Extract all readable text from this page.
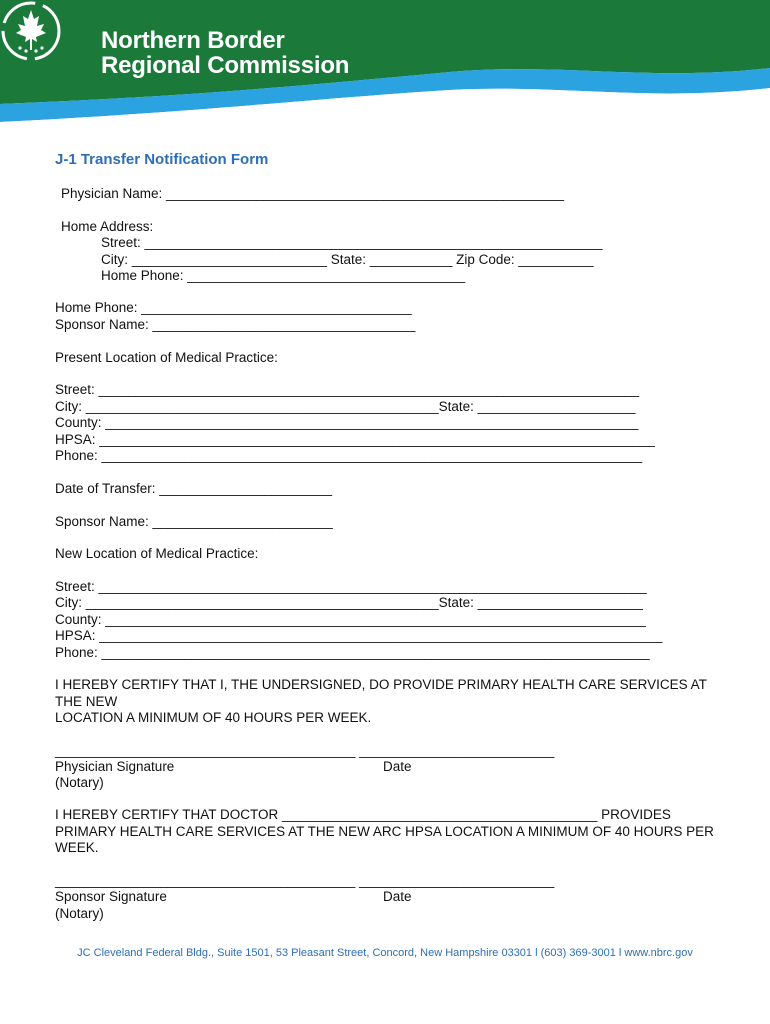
Northern Border
Regional Commission
J-1 Transfer Notification Form
Physician Name: _____________________________________________________
Home Address:
Street: _____________________________________________________________
City: __________________________ State: ___________ Zip Code: __________
Home Phone: _____________________________________
Home Phone: ____________________________________
Sponsor Name: ___________________________________
Present Location of Medical Practice:
Street: ________________________________________________________________________
City: _______________________________________________State: _____________________
County: _______________________________________________________________________
HPSA: __________________________________________________________________________
Phone: ________________________________________________________________________
Date of Transfer: _______________________
Sponsor Name: ________________________
New Location of Medical Practice:
Street: _________________________________________________________________________
City: _______________________________________________State: ______________________
County: ________________________________________________________________________
HPSA: ___________________________________________________________________________
Phone: _________________________________________________________________________
I HEREBY CERTIFY THAT I, THE UNDERSIGNED, DO PROVIDE PRIMARY HEALTH CARE SERVICES AT THE NEW
LOCATION A MINIMUM OF 40 HOURS PER WEEK.
________________________________________ __________________________
Physician Signature	Date
(Notary)
I HEREBY CERTIFY THAT DOCTOR __________________________________________ PROVIDES PRIMARY HEALTH CARE SERVICES AT THE NEW ARC HPSA LOCATION A MINIMUM OF 40 HOURS PER WEEK.
________________________________________ __________________________
Sponsor Signature	Date
(Notary)
JC Cleveland Federal Bldg., Suite 1501, 53 Pleasant Street, Concord, New Hampshire 03301 l (603) 369-3001 l www.nbrc.gov
